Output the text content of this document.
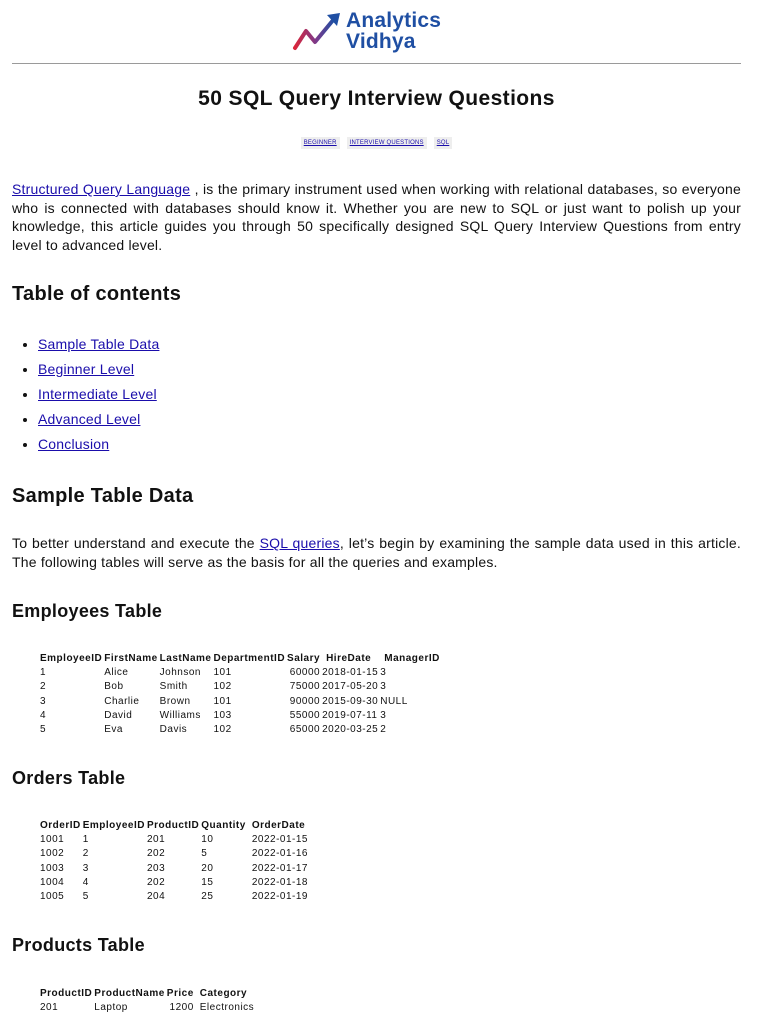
Analytics
Vidhya
50 SQL Query Interview Questions
BEGINNER	INTERVIEW QUESTIONS	SQL

Structured Query Language , is the primary instrument used when working with relational databases, so everyone who is connected with databases should know it. Whether you are new to SQL or just want to polish up your knowledge, this article guides you through 50 specifically designed SQL Query Interview Questions from entry level to advanced level.

Table of contents
• Sample Table Data
• Beginner Level
• Intermediate Level
• Advanced Level
• Conclusion
Sample Table Data

To better understand and execute the SQL queries, let’s begin by examining the sample data used in this article. The following tables will serve as the basis for all the queries and examples.

Employees Table
EmployeeID	FirstName	LastName	DepartmentID	Salary	HireDate	ManagerID
1	Alice	Johnson	101	60000	2018-01-15	3
2	Bob	Smith	102	75000	2017-05-20	3
3	Charlie	Brown	101	90000	2015-09-30	NULL
4	David	Williams	103	55000	2019-07-11	3
5	Eva	Davis	102	65000	2020-03-25	2
Orders Table
OrderID	EmployeeID	ProductID	Quantity	OrderDate
1001	1	201	10	2022-01-15
1002	2	202	5	2022-01-16
1003	3	203	20	2022-01-17
1004	4	202	15	2022-01-18
1005	5	204	25	2022-01-19
Products Table
ProductID	ProductName	Price	Category
201	Laptop	1200	Electronics
